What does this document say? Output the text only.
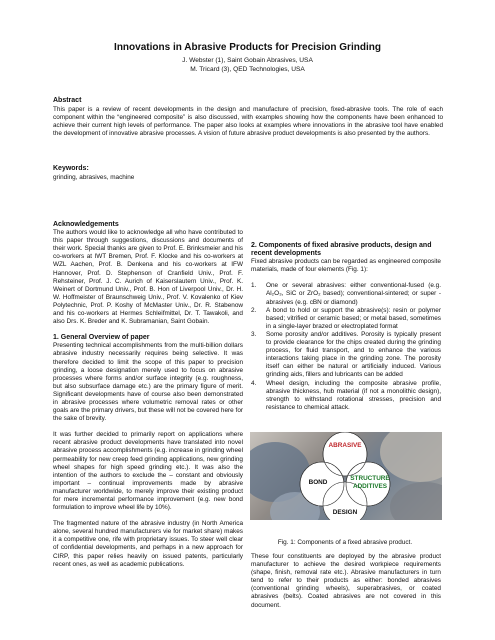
Innovations in Abrasive Products for Precision Grinding
J. Webster (1), Saint Gobain Abrasives, USA
M. Tricard (3), QED Technologies, USA
Abstract
This paper is a review of recent developments in the design and manufacture of precision, fixed-abrasive tools. The role of each component within the “engineered composite” is also discussed, with examples showing how the components have been enhanced to achieve their current high levels of performance. The paper also looks at examples where innovations in the abrasive tool have enabled the development of innovative abrasive processes. A vision of future abrasive product developments is also presented by the authors.
Keywords:
grinding, abrasives, machine
Acknowledgements

The authors would like to acknowledge all who have contributed to this paper through suggestions, discussions and documents of their work. Special thanks are given to Prof. E. Brinksmeier and his co-workers at IWT Bremen, Prof. F. Klocke and his co-workers at WZL Aachen, Prof. B. Denkena and his co-workers at IFW Hannover, Prof. D. Stephenson of Cranfield Univ., Prof. F. Rehsteiner, Prof. J. C. Aurich of Kaiserslautern Univ., Prof. K. Weinert of Dortmund Univ., Prof. B. Hon of Liverpool Univ., Dr. H. W. Hoffmeister of Braunschweig Univ., Prof. V. Kovalenko of Kiev Polytechnic, Prof. P. Koshy of McMaster Univ., Dr. R. Stabenow and his co-workers at Hermes Schleifmittel, Dr. T. Tawakoli, and also Drs. K. Breder and K. Subramanian, Saint Gobain.

1. General Overview of paper

Presenting technical accomplishments from the multi-billion dollars abrasive industry necessarily requires being selective. It was therefore decided to limit the scope of this paper to precision grinding, a loose designation merely used to focus on abrasive processes where forms and/or surface integrity (e.g. roughness, but also subsurface damage etc.) are the primary figure of merit. Significant developments have of course also been demonstrated in abrasive processes where volumetric removal rates or other goals are the primary drivers, but these will not be covered here for the sake of brevity.

It was further decided to primarily report on applications where recent abrasive product developments have translated into novel abrasive process accomplishments (e.g. increase in grinding wheel permeability for new creep feed grinding applications, new grinding wheel shapes for high speed grinding etc.). It was also the intention of the authors to exclude the – constant and obviously important – continual improvements made by abrasive manufacturer worldwide, to merely improve their existing product for mere incremental performance improvement (e.g. new bond formulation to improve wheel life by 10%).

The fragmented nature of the abrasive industry (in North America alone, several hundred manufacturers vie for market share) makes it a competitive one, rife with proprietary issues. To steer well clear of confidential developments, and perhaps in a new approach for CIRP, this paper relies heavily on issued patents, particularly recent ones, as well as academic publications.

2. Components of fixed abrasive products, design and recent developments

Fixed abrasive products can be regarded as engineered composite materials, made of four elements (Fig. 1):

1. One or several abrasives: either conventional-fused (e.g. Al₂O₃, SiC or ZrO₂ based); conventional-sintered; or super -abrasives (e.g. cBN or diamond)
2. A bond to hold or support the abrasive(s): resin or polymer based; vitrified or ceramic based; or metal based, sometimes in a single-layer brazed or electroplated format
3. Some porosity and/or additives. Porosity is typically present to provide clearance for the chips created during the grinding process, for fluid transport, and to enhance the various interactions taking place in the grinding zone. The porosity itself can either be natural or artificially induced. Various grinding aids, fillers and lubricants can be added
4. Wheel design, including the composite abrasive profile, abrasive thickness, hub material (if not a monolithic design), strength to withstand rotational stresses, precision and resistance to chemical attack.
ABRASIVE
BOND
STRUCTURE
ADDITIVES
DESIGN
Fig. 1: Components of a fixed abrasive product.

These four constituents are deployed by the abrasive product manufacturer to achieve the desired workpiece requirements (shape, finish, removal rate etc.). Abrasive manufacturers in turn tend to refer to their products as either: bonded abrasives (conventional grinding wheels), superabrasives, or coated abrasives (belts). Coated abrasives are not covered in this document.
